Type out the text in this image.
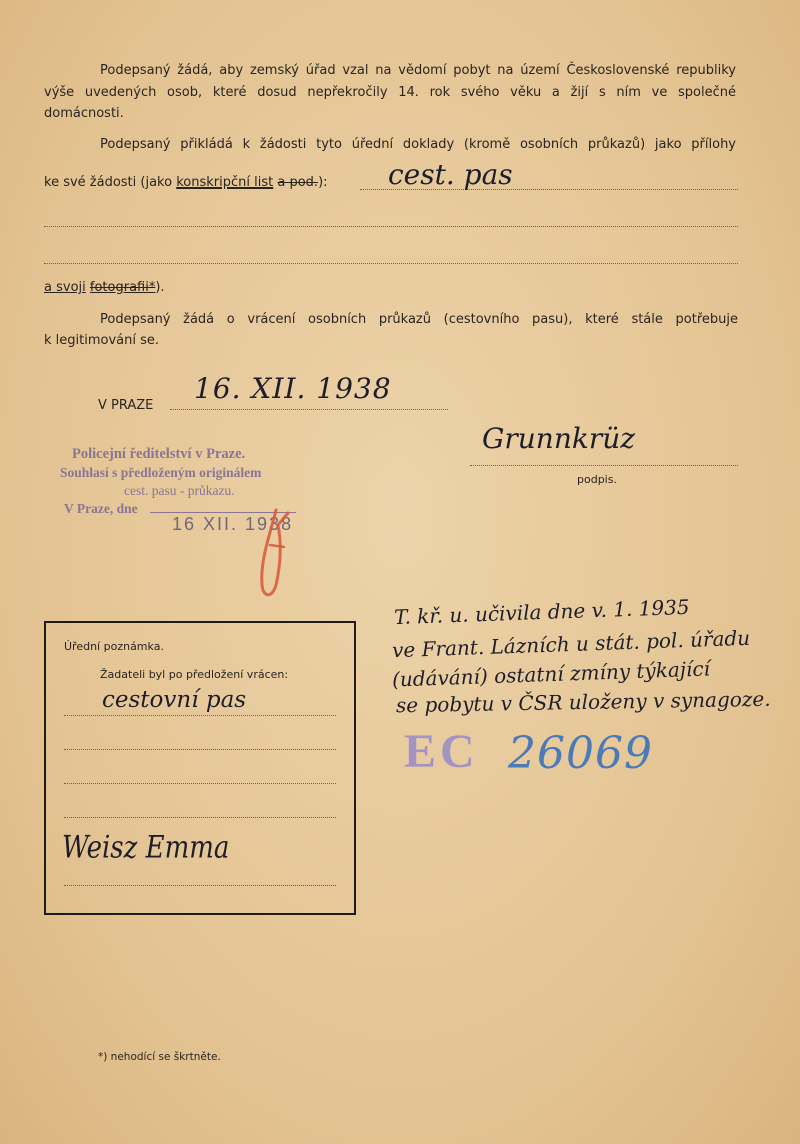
Podepsaný žádá, aby zemský úřad vzal na vědomí pobyt na území Československé republiky
výše uvedených osob, které dosud nepřekročily 14. rok svého věku a žijí s ním ve společné
domácnosti.
Podepsaný přikládá k žádosti tyto úřední doklady (kromě osobních průkazů) jako přílohy
ke své žádosti (jako konskripční list a pod.): cest. pas
a svoji fotografii*).
Podepsaný žádá o vrácení osobních průkazů (cestovního pasu), které stále potřebuje
k legitimování se.
V PRAZE
16. XII. 1938
Grunnkrüz
podpis.
Policejní ředitelství v Praze.
Souhlasí s předloženým originálem
cest. pasu - průkazu.
V Praze, dne
16 XII. 1938
Úřední poznámka.
Žadateli byl po předložení vrácen:
cestovní pas
Weisz Emma
T. kř. u. učivila dne v. 1. 1935
ve Frant. Lázních u stát. pol. úřadu
(udávání) ostatní zmíny týkající
se pobytu v ČSR uloženy v synagoze.
EC 26069
*) nehodící se škrtněte.
